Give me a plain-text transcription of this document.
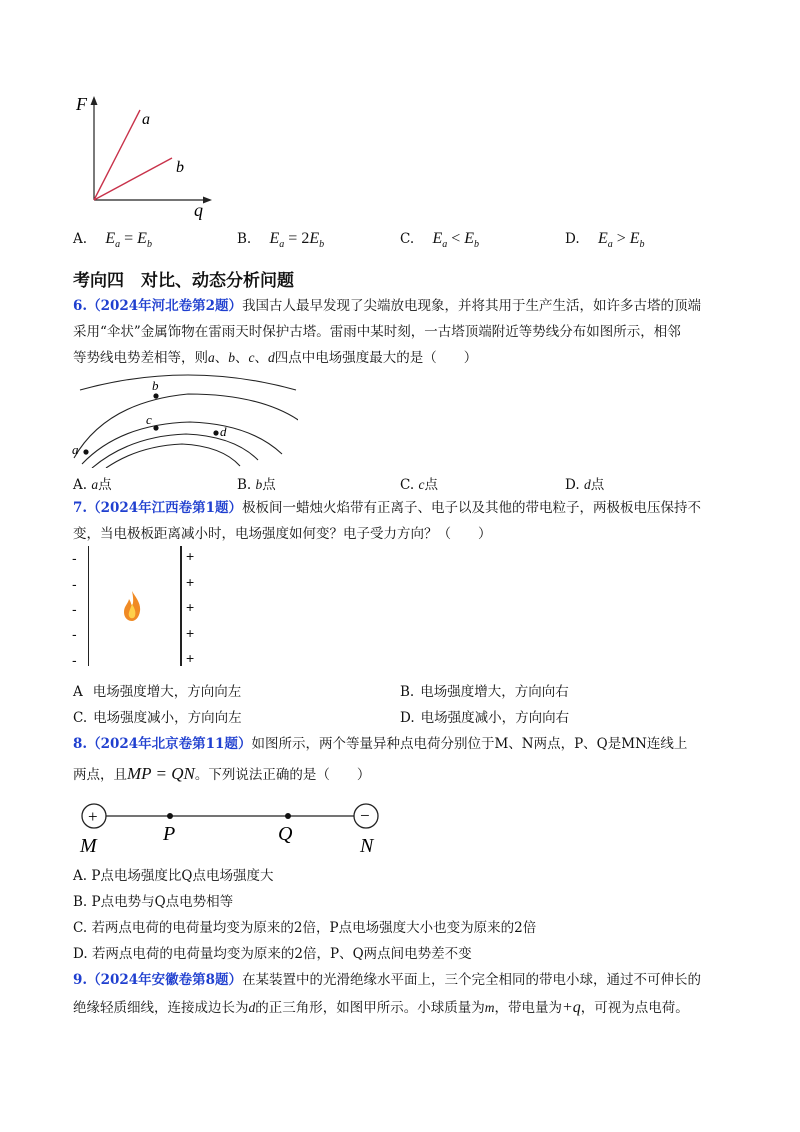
F
q
a
b
A. $E_a = E_b$	B. $E_a = 2E_b$	C. $E_a < E_b$	D. $E_a > E_b$
考向四　对比、动态分析问题
6.（2024年河北卷第2题）我国古人最早发现了尖端放电现象，并将其用于生产生活，如许多古塔的顶端
采用“伞状”金属饰物在雷雨天时保护古塔。雷雨中某时刻，一古塔顶端附近等势线分布如图所示，相邻
等势线电势差相等，则a、b、c、d四点中电场强度最大的是（　　）
b
c
d
a
A. a点	B. b点	C. c点	D. d点
7.（2024年江西卷第1题）极板间一蜡烛火焰带有正离子、电子以及其他的带电粒子，两极板电压保持不
变，当电极板距离减小时，电场强度如何变？电子受力方向？（　　）
-
-
-
-
-
+
+
+
+
+
A 电场强度增大，方向向左	B. 电场强度增大，方向向右
C. 电场强度减小，方向向左	D. 电场强度减小，方向向右
8.（2024年北京卷第11题）如图所示，两个等量异种点电荷分别位于M、N两点，P、Q是MN连线上
两点，且MP = QN。下列说法正确的是（　　）
+	−
M
P	Q
N
A. P点电场强度比Q点电场强度大
B. P点电势与Q点电势相等
C. 若两点电荷的电荷量均变为原来的2倍，P点电场强度大小也变为原来的2倍
D. 若两点电荷的电荷量均变为原来的2倍，P、Q两点间电势差不变
9.（2024年安徽卷第8题）在某装置中的光滑绝缘水平面上，三个完全相同的带电小球，通过不可伸长的
绝缘轻质细线，连接成边长为d的正三角形，如图甲所示。小球质量为m，带电量为+q，可视为点电荷。
